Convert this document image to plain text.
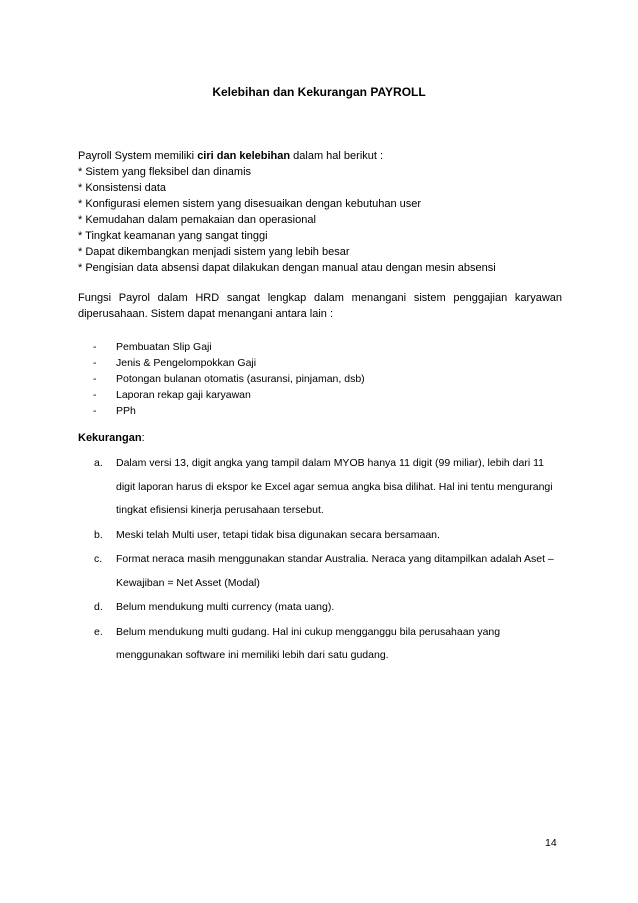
Kelebihan dan Kekurangan PAYROLL
Payroll System memiliki ciri dan kelebihan dalam hal berikut :
* Sistem yang fleksibel dan dinamis
* Konsistensi data
* Konfigurasi elemen sistem yang disesuaikan dengan kebutuhan user
* Kemudahan dalam pemakaian dan operasional
* Tingkat keamanan yang sangat tinggi
* Dapat dikembangkan menjadi sistem yang lebih besar
* Pengisian data absensi dapat dilakukan dengan manual atau dengan mesin absensi
Fungsi Payrol dalam HRD sangat lengkap dalam menangani sistem penggajian karyawan diperusahaan. Sistem dapat menangani antara lain :
- Pembuatan Slip Gaji
- Jenis & Pengelompokkan Gaji
- Potongan bulanan otomatis (asuransi, pinjaman, dsb)
- Laporan rekap gaji karyawan
- PPh
Kekurangan:
a. Dalam versi 13, digit angka yang tampil dalam MYOB hanya 11 digit (99 miliar), lebih dari 11 digit laporan harus di ekspor ke Excel agar semua angka bisa dilihat. Hal ini tentu mengurangi tingkat efisiensi kinerja perusahaan tersebut.
b. Meski telah Multi user, tetapi tidak bisa digunakan secara bersamaan.
c. Format neraca masih menggunakan standar Australia. Neraca yang ditampilkan adalah Aset – Kewajiban = Net Asset (Modal)
d. Belum mendukung multi currency (mata uang).
e. Belum mendukung multi gudang. Hal ini cukup mengganggu bila perusahaan yang menggunakan software ini memiliki lebih dari satu gudang.
14
